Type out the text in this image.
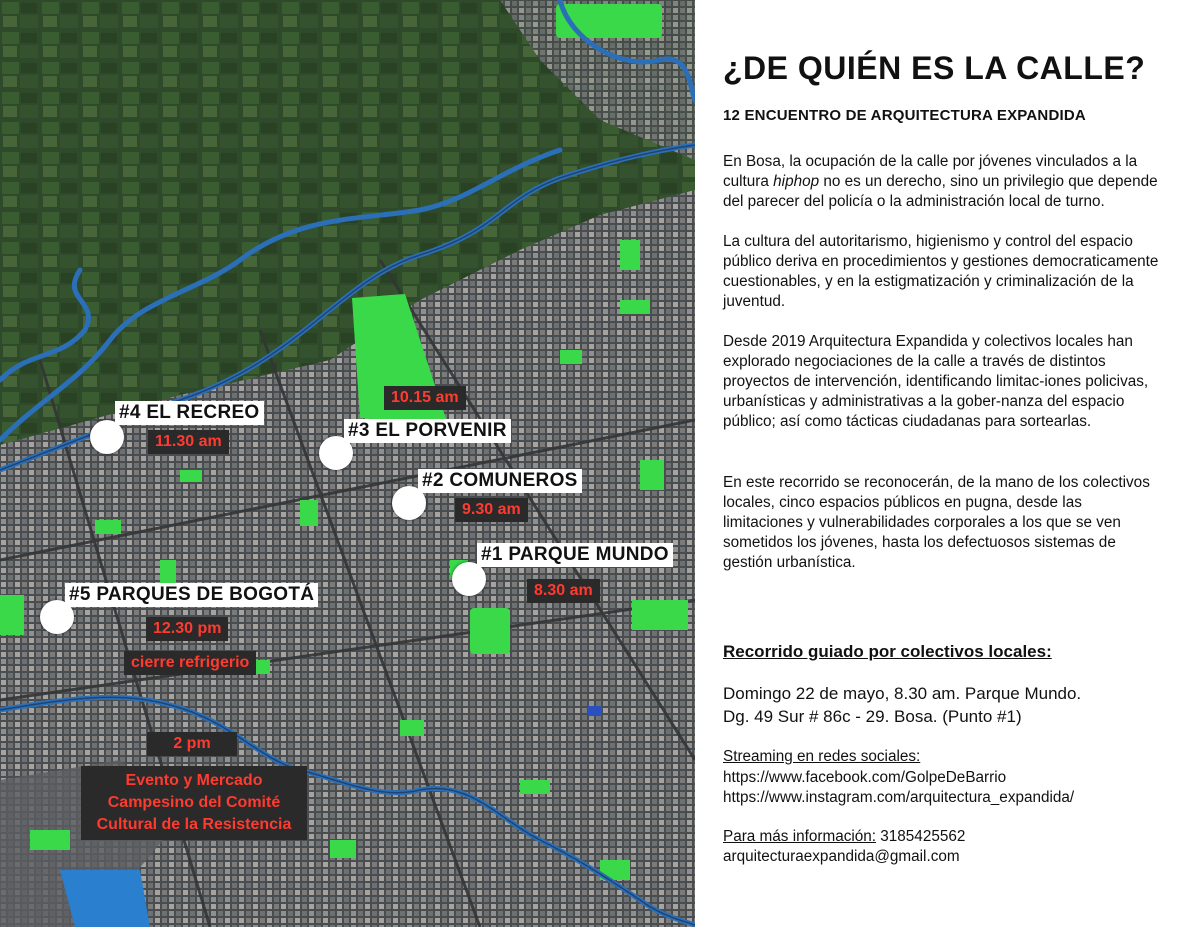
#1 PARQUE MUNDO
8.30 am
#2 COMUNEROS
9.30 am
#3 EL PORVENIR
10.15 am
#4 EL RECREO
11.30 am
#5 PARQUES DE BOGOTÁ
12.30 pm
cierre refrigerio
2 pm
Evento y Mercado
Campesino del Comité
Cultural de la Resistencia
¿DE QUIÉN ES LA CALLE?
12 ENCUENTRO DE ARQUITECTURA EXPANDIDA

En Bosa, la ocupación de la calle por jóvenes vinculados a la cultura hiphop no es un derecho, sino un privilegio que depende del parecer del policía o la administración local de turno.

La cultura del autoritarismo, higienismo y control del espacio público deriva en procedimientos y gestiones democraticamente cuestionables, y en la estigmatización y criminalización de la juventud.

Desde 2019 Arquitectura Expandida y colectivos locales han explorado negociaciones de la calle a través de distintos proyectos de intervención, identificando limitac-iones policivas, urbanísticas y administrativas a la gober-nanza del espacio público; así como tácticas ciudadanas para sortearlas.

En este recorrido se reconocerán, de la mano de los colectivos locales, cinco espacios públicos en pugna, desde las limitaciones y vulnerabilidades corporales a los que se ven sometidos los jóvenes, hasta los defectuosos sistemas de gestión urbanística.

Recorrido guiado por colectivos locales:

Domingo 22 de mayo, 8.30 am. Parque Mundo.

Dg. 49 Sur # 86c - 29. Bosa. (Punto #1)

Streaming en redes sociales:

https://www.facebook.com/GolpeDeBarrio

https://www.instagram.com/arquitectura_expandida/

Para más información: 3185425562

arquitecturaexpandida@gmail.com
